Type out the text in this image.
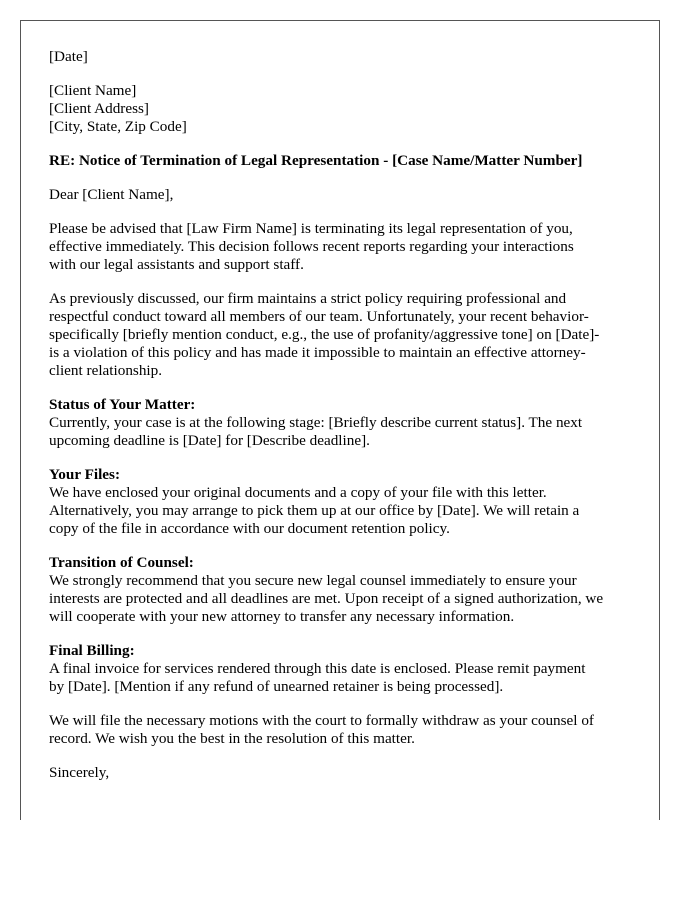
[Date]
[Client Name]
[Client Address]
[City, State, Zip Code]
RE: Notice of Termination of Legal Representation - [Case Name/Matter Number]
Dear [Client Name],
Please be advised that [Law Firm Name] is terminating its legal representation of you,
effective immediately. This decision follows recent reports regarding your interactions
with our legal assistants and support staff.
As previously discussed, our firm maintains a strict policy requiring professional and
respectful conduct toward all members of our team. Unfortunately, your recent behavior-
specifically [briefly mention conduct, e.g., the use of profanity/aggressive tone] on [Date]-
is a violation of this policy and has made it impossible to maintain an effective attorney-
client relationship.
Status of Your Matter:
Currently, your case is at the following stage: [Briefly describe current status]. The next
upcoming deadline is [Date] for [Describe deadline].
Your Files:
We have enclosed your original documents and a copy of your file with this letter.
Alternatively, you may arrange to pick them up at our office by [Date]. We will retain a
copy of the file in accordance with our document retention policy.
Transition of Counsel:
We strongly recommend that you secure new legal counsel immediately to ensure your
interests are protected and all deadlines are met. Upon receipt of a signed authorization, we
will cooperate with your new attorney to transfer any necessary information.
Final Billing:
A final invoice for services rendered through this date is enclosed. Please remit payment
by [Date]. [Mention if any refund of unearned retainer is being processed].
We will file the necessary motions with the court to formally withdraw as your counsel of
record. We wish you the best in the resolution of this matter.
Sincerely,
